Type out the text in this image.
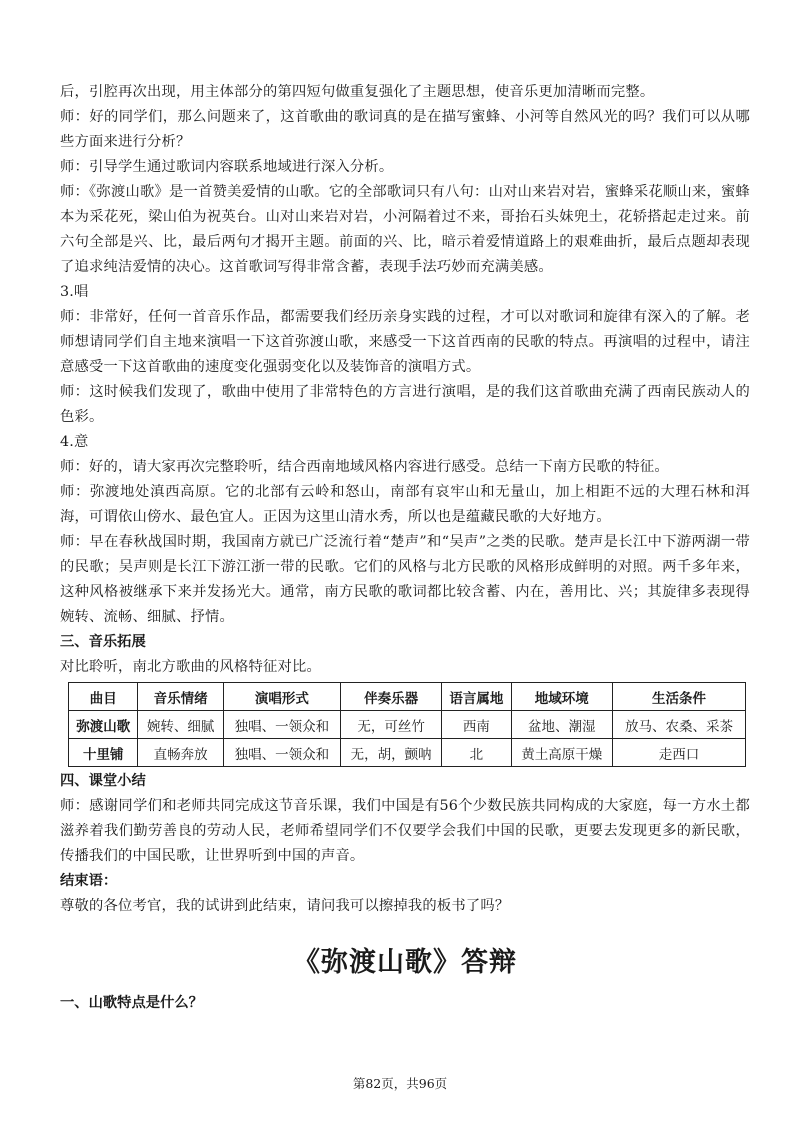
后，引腔再次出现，用主体部分的第四短句做重复强化了主题思想，使音乐更加清晰而完整。

师：好的同学们，那么问题来了，这首歌曲的歌词真的是在描写蜜蜂、小河等自然风光的吗？我们可以从哪些方面来进行分析？

师：引导学生通过歌词内容联系地域进行深入分析。

师：《弥渡山歌》是一首赞美爱情的山歌。它的全部歌词只有八句：山对山来岩对岩，蜜蜂采花顺山来，蜜蜂本为采花死，梁山伯为祝英台。山对山来岩对岩，小河隔着过不来，哥抬石头妹兜土，花轿搭起走过来。前六句全部是兴、比，最后两句才揭开主题。前面的兴、比，暗示着爱情道路上的艰难曲折，最后点题却表现了追求纯洁爱情的决心。这首歌词写得非常含蓄，表现手法巧妙而充满美感。

3.唱

师：非常好，任何一首音乐作品，都需要我们经历亲身实践的过程，才可以对歌词和旋律有深入的了解。老师想请同学们自主地来演唱一下这首弥渡山歌，来感受一下这首西南的民歌的特点。再演唱的过程中，请注意感受一下这首歌曲的速度变化强弱变化以及装饰音的演唱方式。

师：这时候我们发现了，歌曲中使用了非常特色的方言进行演唱，是的我们这首歌曲充满了西南民族动人的色彩。

4.意

师：好的，请大家再次完整聆听，结合西南地域风格内容进行感受。总结一下南方民歌的特征。

师：弥渡地处滇西高原。它的北部有云岭和怒山，南部有哀牢山和无量山，加上相距不远的大理石林和洱海，可谓依山傍水、最色宜人。正因为这里山清水秀，所以也是蕴藏民歌的大好地方。

师：早在春秋战国时期，我国南方就已广泛流行着“楚声”和“吴声”之类的民歌。楚声是长江中下游两湖一带的民歌；吴声则是长江下游江浙一带的民歌。它们的风格与北方民歌的风格形成鲜明的对照。两千多年来，这种风格被继承下来并发扬光大。通常，南方民歌的歌词都比较含蓄、内在，善用比、兴；其旋律多表现得婉转、流畅、细腻、抒情。

三、音乐拓展

对比聆听，南北方歌曲的风格特征对比。

曲目	音乐情绪	演唱形式	伴奏乐器	语言属地	地域环境	生活条件
弥渡山歌	婉转、细腻	独唱、一领众和	无，可丝竹	西南	盆地、潮湿	放马、农桑、采茶
十里铺	直畅奔放	独唱、一领众和	无，胡，颤呐	北	黄土高原干燥	走西口

四、课堂小结

师：感谢同学们和老师共同完成这节音乐课，我们中国是有56个少数民族共同构成的大家庭，每一方水土都滋养着我们勤劳善良的劳动人民，老师希望同学们不仅要学会我们中国的民歌，更要去发现更多的新民歌，传播我们的中国民歌，让世界听到中国的声音。

结束语：

尊敬的各位考官，我的试讲到此结束，请问我可以擦掉我的板书了吗？

《弥渡山歌》答辩

一、山歌特点是什么？

第82页，共96页
